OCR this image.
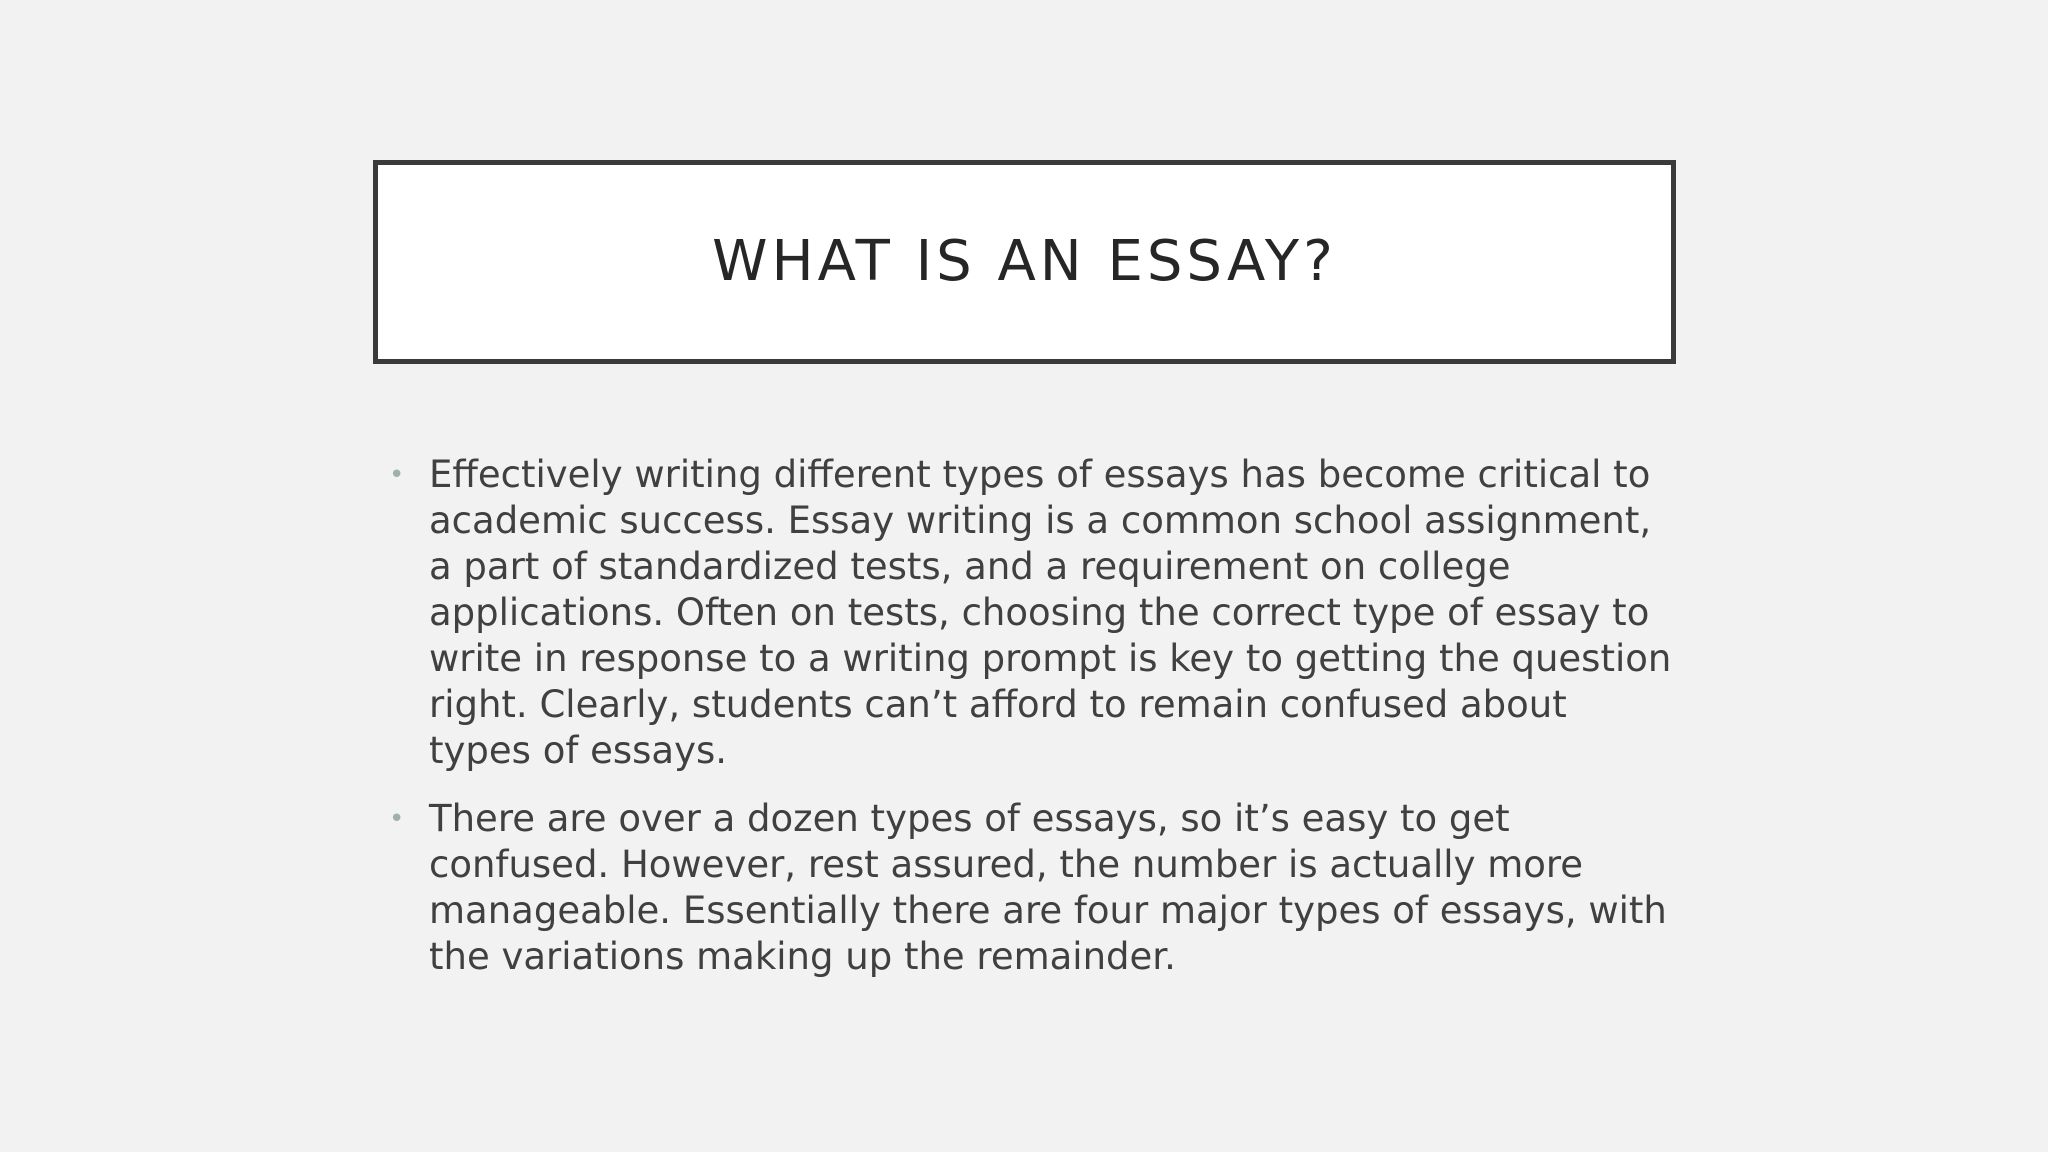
WHAT IS AN ESSAY?
• Effectively writing different types of essays has become critical to academic success. Essay writing is a common school assignment, a part of standardized tests, and a requirement on college applications. Often on tests, choosing the correct type of essay to write in response to a writing prompt is key to getting the question right. Clearly, students can’t afford to remain confused about types of essays.
• There are over a dozen types of essays, so it’s easy to get confused. However, rest assured, the number is actually more manageable. Essentially there are four major types of essays, with the variations making up the remainder.
